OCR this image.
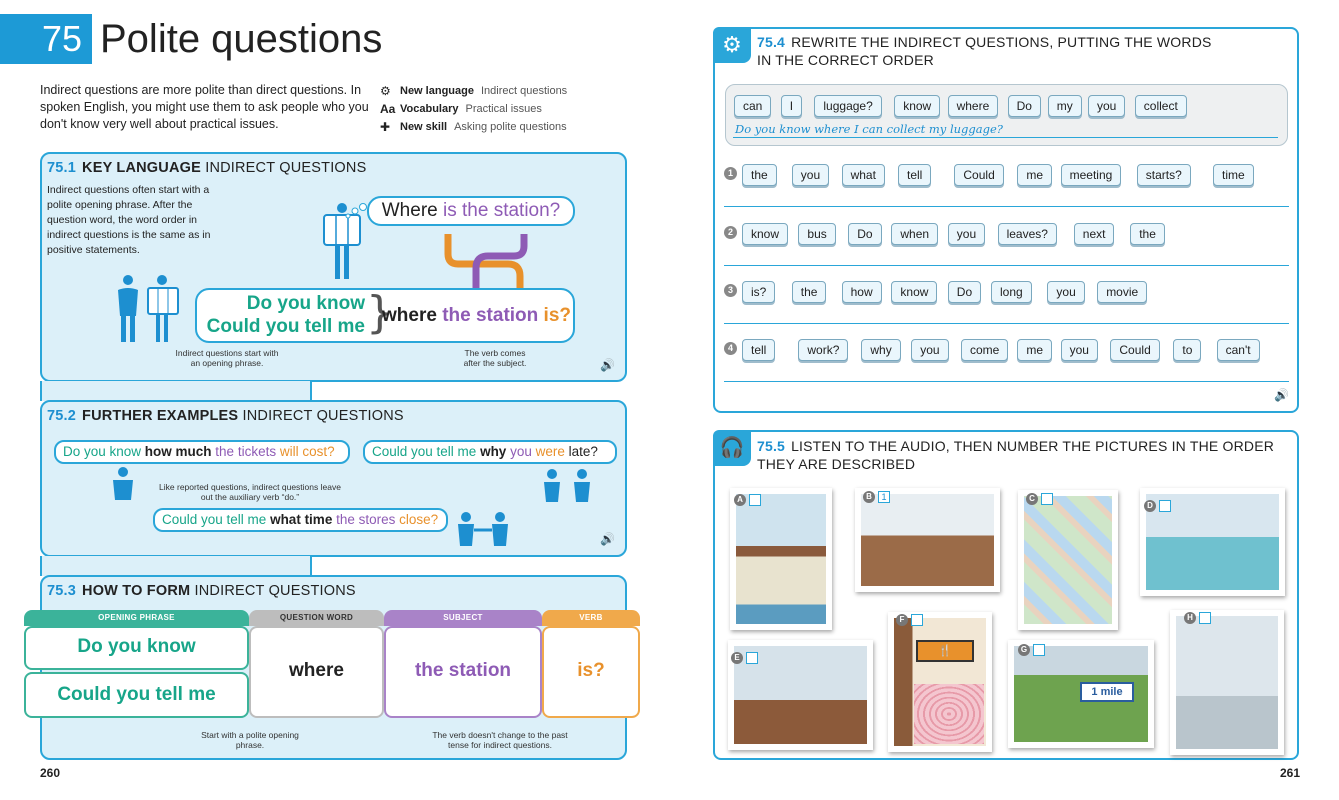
75 Polite questions
Indirect questions are more polite than direct questions. In spoken English, you might use them to ask people who you don't know very well about practical issues.
⚙ New language Indirect questions
Aa Vocabulary Practical issues
✚ New skill Asking polite questions
75.1 KEY LANGUAGE INDIRECT QUESTIONS
Indirect questions often start with a polite opening phrase. After the question word, the word order in indirect questions is the same as in positive statements.
Where is the station?
Do you know
Could you tell me }
where the station is?
Indirect questions start with an opening phrase.
The verb comes after the subject.	🔊
75.2 FURTHER EXAMPLES INDIRECT QUESTIONS
Do you know how much the tickets will cost?	Could you tell me why you were late?
Could you tell me what time the stores close?
Like reported questions, indirect questions leave out the auxiliary verb “do.”
🔊
75.3 HOW TO FORM INDIRECT QUESTIONS
OPENING PHRASE	QUESTION WORD	SUBJECT	VERB
Do you know
Could you tell me
where	the station	is?
Start with a polite opening phrase.
The verb doesn't change to the past tense for indirect questions.
260
⚙	75.4 REWRITE THE INDIRECT QUESTIONS, PUTTING THE WORDS IN THE CORRECT ORDER
can	I	luggage?	know	where	Do	my	you	collect
Do you know where I can collect my luggage?
1	the	you	what	tell	Could	me	meeting	starts?	time
2	know	bus	Do	when	you	leaves?	next	the
3	is?	the	how	know	Do	long	you	movie
4	tell	work?	why	you	come	me	you	Could	to	can't
🔊
🎧 75.5 LISTEN TO THE AUDIO, THEN NUMBER THE PICTURES IN THE ORDER THEY ARE DESCRIBED
🍴
1 mile
A	B	1	C
D
E
F
G
H
261
